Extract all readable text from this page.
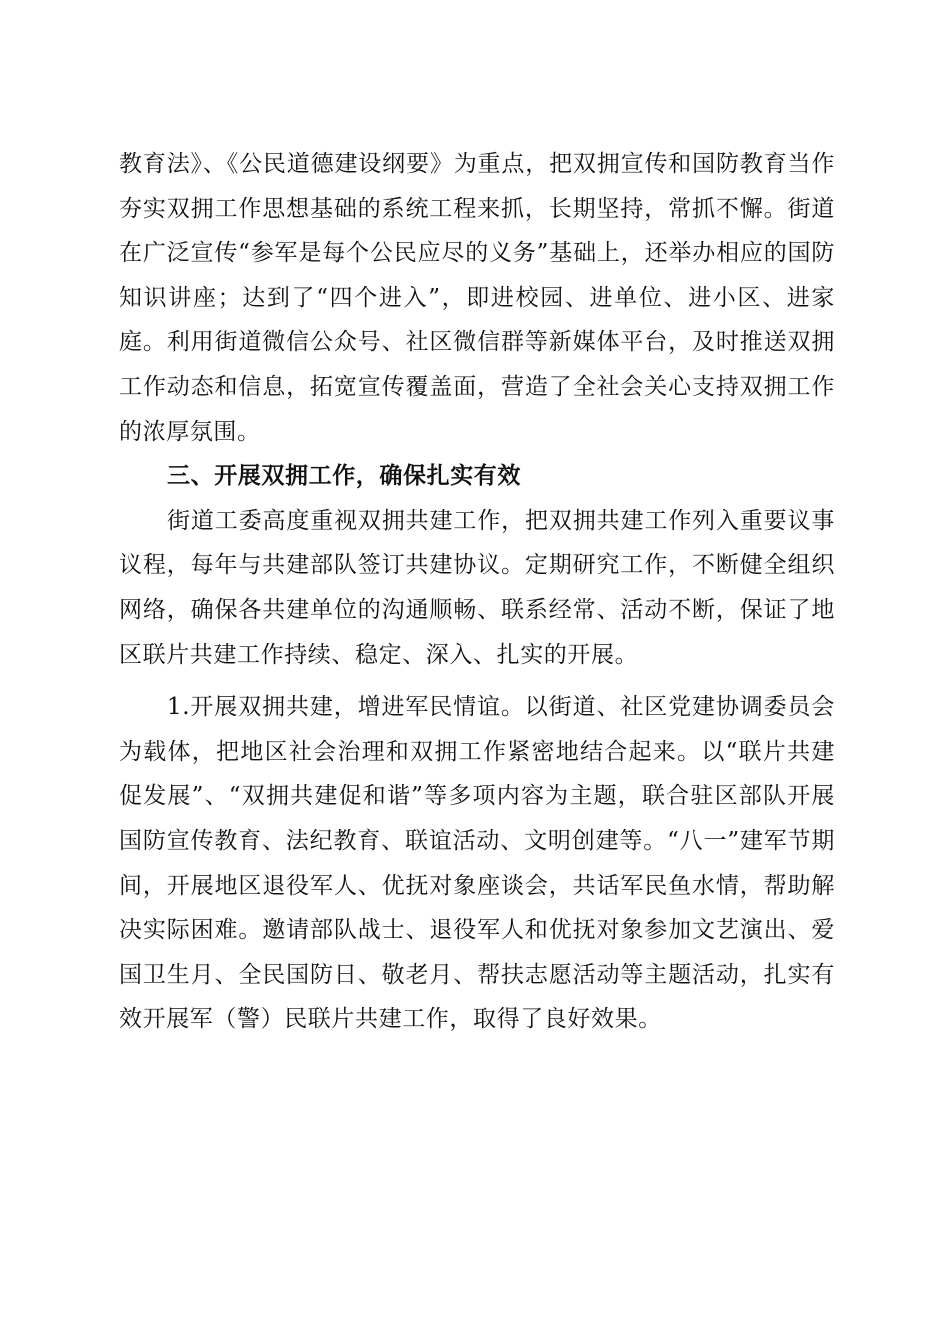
教育法》、《公民道德建设纲要》为重点，把双拥宣传和国防教育当作夯实双拥工作思想基础的系统工程来抓，长期坚持，常抓不懈。街道在广泛宣传“参军是每个公民应尽的义务”基础上，还举办相应的国防知识讲座；达到了“四个进入”，即进校园、进单位、进小区、进家庭。利用街道微信公众号、社区微信群等新媒体平台，及时推送双拥工作动态和信息，拓宽宣传覆盖面，营造了全社会关心支持双拥工作的浓厚氛围。

三、开展双拥工作，确保扎实有效

街道工委高度重视双拥共建工作，把双拥共建工作列入重要议事议程，每年与共建部队签订共建协议。定期研究工作，不断健全组织网络，确保各共建单位的沟通顺畅、联系经常、活动不断，保证了地区联片共建工作持续、稳定、深入、扎实的开展。

1.开展双拥共建，增进军民情谊。以街道、社区党建协调委员会为载体，把地区社会治理和双拥工作紧密地结合起来。以“联片共建促发展”、“双拥共建促和谐”等多项内容为主题，联合驻区部队开展国防宣传教育、法纪教育、联谊活动、文明创建等。“八一”建军节期间，开展地区退役军人、优抚对象座谈会，共话军民鱼水情，帮助解决实际困难。邀请部队战士、退役军人和优抚对象参加文艺演出、爱国卫生月、全民国防日、敬老月、帮扶志愿活动等主题活动，扎实有效开展军（警）民联片共建工作，取得了良好效果。
